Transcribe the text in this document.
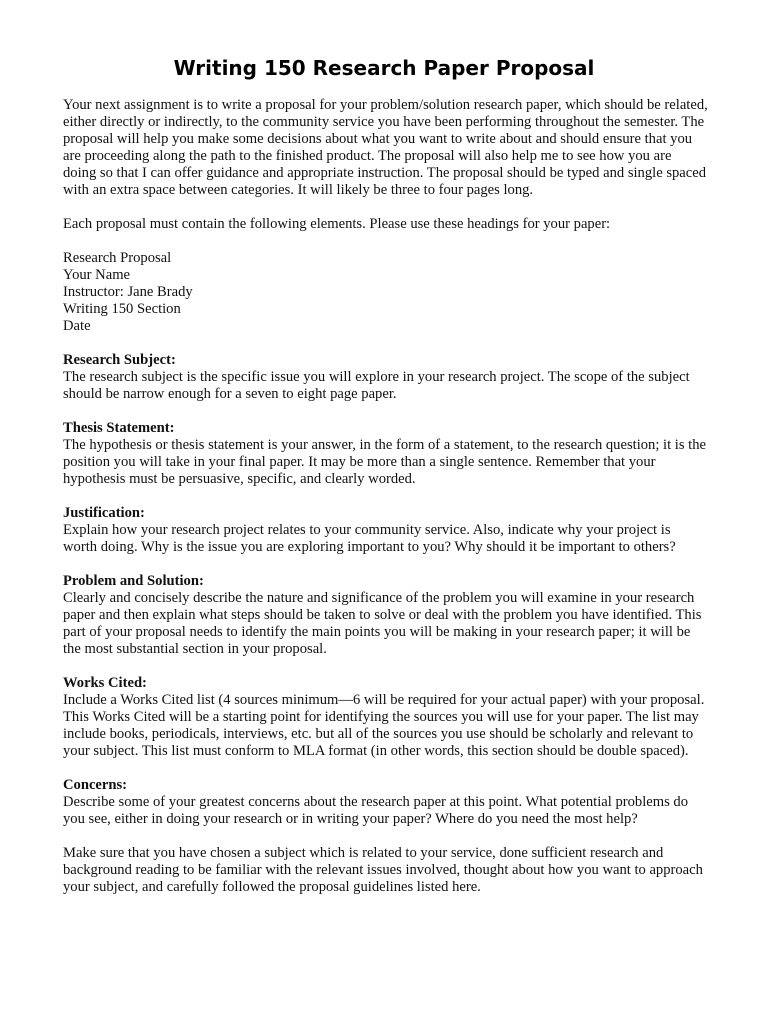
Writing 150 Research Paper Proposal

Your next assignment is to write a proposal for your problem/solution research paper, which should be related, either directly or indirectly, to the community service you have been performing throughout the semester. The proposal will help you make some decisions about what you want to write about and should ensure that you are proceeding along the path to the finished product. The proposal will also help me to see how you are doing so that I can offer guidance and appropriate instruction. The proposal should be typed and single spaced with an extra space between categories. It will likely be three to four pages long.

Each proposal must contain the following elements. Please use these headings for your paper:

Research Proposal
Your Name
Instructor: Jane Brady
Writing 150 Section
Date
Research Subject:
The research subject is the specific issue you will explore in your research project. The scope of the subject should be narrow enough for a seven to eight page paper.
Thesis Statement:
The hypothesis or thesis statement is your answer, in the form of a statement, to the research question; it is the position you will take in your final paper. It may be more than a single sentence. Remember that your hypothesis must be persuasive, specific, and clearly worded.
Justification:
Explain how your research project relates to your community service. Also, indicate why your project is worth doing. Why is the issue you are exploring important to you? Why should it be important to others?
Problem and Solution:
Clearly and concisely describe the nature and significance of the problem you will examine in your research paper and then explain what steps should be taken to solve or deal with the problem you have identified. This part of your proposal needs to identify the main points you will be making in your research paper; it will be the most substantial section in your proposal.
Works Cited:
Include a Works Cited list (4 sources minimum—6 will be required for your actual paper) with your proposal. This Works Cited will be a starting point for identifying the sources you will use for your paper. The list may include books, periodicals, interviews, etc. but all of the sources you use should be scholarly and relevant to your subject. This list must conform to MLA format (in other words, this section should be double spaced).
Concerns:
Describe some of your greatest concerns about the research paper at this point. What potential problems do you see, either in doing your research or in writing your paper? Where do you need the most help?

Make sure that you have chosen a subject which is related to your service, done sufficient research and background reading to be familiar with the relevant issues involved, thought about how you want to approach your subject, and carefully followed the proposal guidelines listed here.
